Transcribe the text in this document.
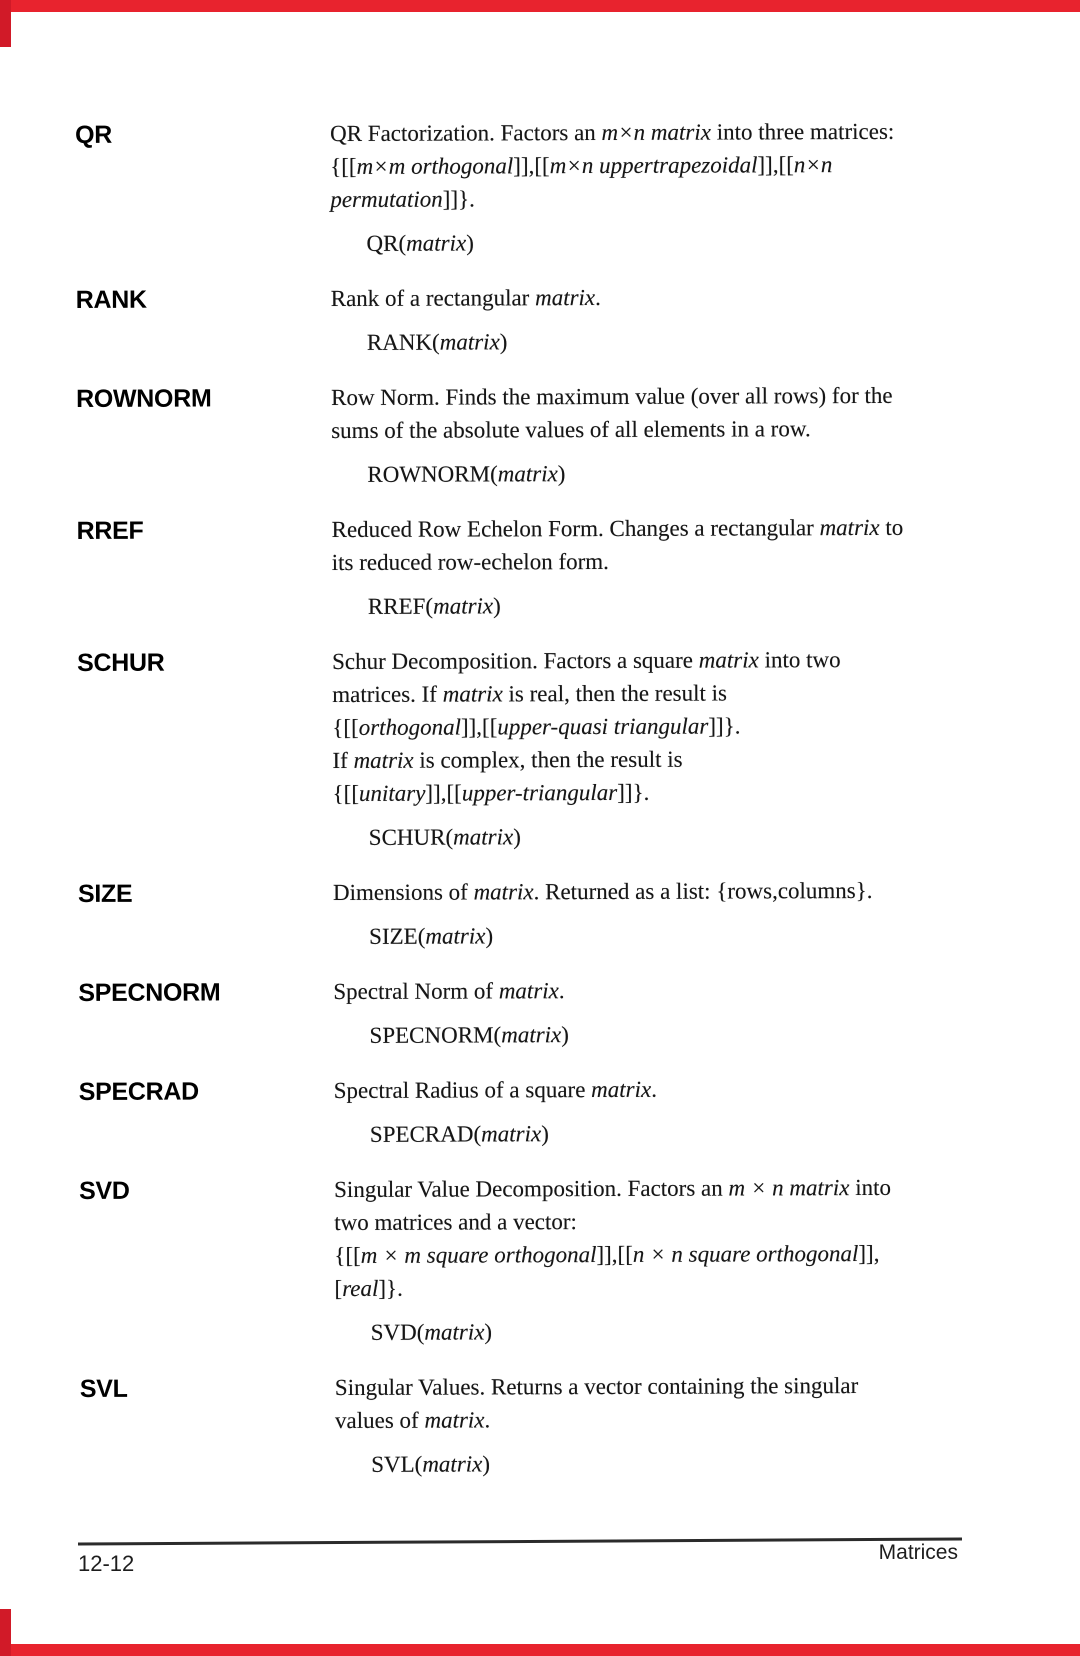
QR	QR Factorization. Factors an m×n matrix into three matrices:
{[[m×m orthogonal]],[[m×n uppertrapezoidal]],[[n×n
permutation]]}.
QR(matrix)
RANK	Rank of a rectangular matrix.
RANK(matrix)
ROWNORM	Row Norm. Finds the maximum value (over all rows) for the
sums of the absolute values of all elements in a row.
ROWNORM(matrix)
RREF	Reduced Row Echelon Form. Changes a rectangular matrix to
its reduced row-echelon form.
RREF(matrix)
SCHUR	Schur Decomposition. Factors a square matrix into two
matrices. If matrix is real, then the result is
{[[orthogonal]],[[upper-quasi triangular]]}.
If matrix is complex, then the result is
{[[unitary]],[[upper-triangular]]}.
SCHUR(matrix)
SIZE	Dimensions of matrix. Returned as a list: {rows,columns}.
SIZE(matrix)
SPECNORM	Spectral Norm of matrix.
SPECNORM(matrix)
SPECRAD	Spectral Radius of a square matrix.
SPECRAD(matrix)
SVD	Singular Value Decomposition. Factors an m × n matrix into
two matrices and a vector:
{[[m × m square orthogonal]],[[n × n square orthogonal]],
[real]}.
SVD(matrix)
SVL	Singular Values. Returns a vector containing the singular
values of matrix.
SVL(matrix)
12-12	Matrices
